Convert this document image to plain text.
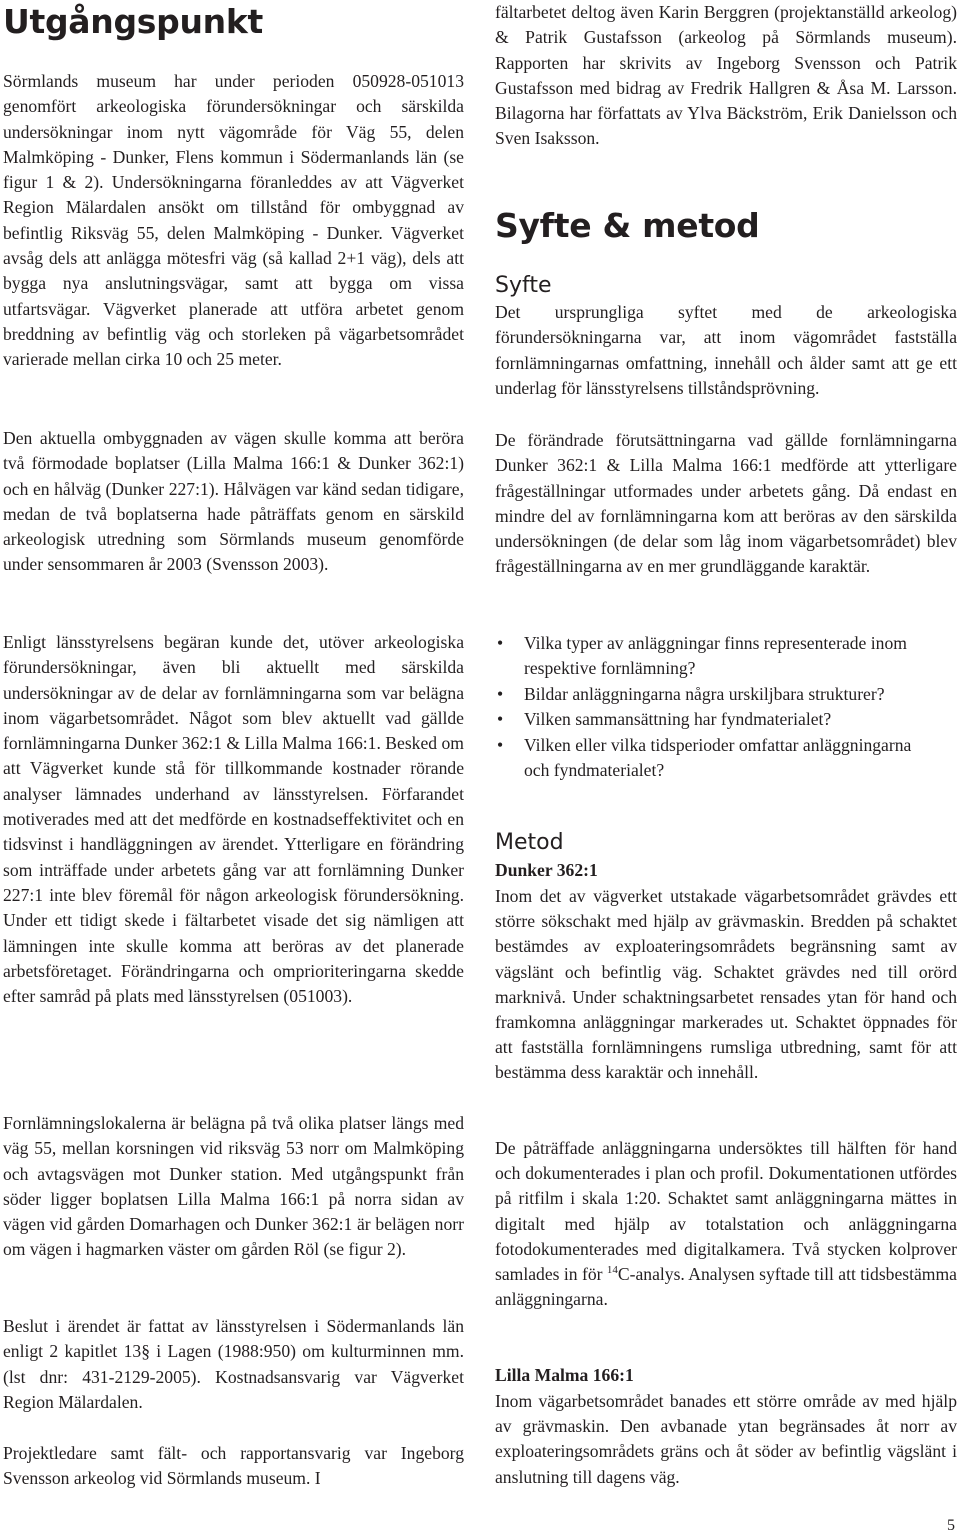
Utgångspunkt

Sörmlands museum har under perioden 050928-051013 genomfört arkeologiska förundersökningar och särskilda undersökningar inom nytt vägområde för Väg 55, delen Malmköping - Dunker, Flens kommun i Södermanlands län (se figur 1 & 2). Undersökningarna föranleddes av att Vägverket Region Mälardalen ansökt om tillstånd för ombyggnad av befintlig Riksväg 55, delen Malmköping - Dunker. Vägverket avsåg dels att anlägga mötesfri väg (så kallad 2+1 väg), dels att bygga nya anslutningsvägar, samt att bygga om vissa utfartsvägar. Vägverket planerade att utföra arbetet genom breddning av befintlig väg och storleken på vägarbetsområdet varierade mellan cirka 10 och 25 meter.

Den aktuella ombyggnaden av vägen skulle komma att beröra två förmodade boplatser (Lilla Malma 166:1 & Dunker 362:1) och en hålväg (Dunker 227:1). Hålvägen var känd sedan tidigare, medan de två boplatserna hade påträffats genom en särskild arkeologisk utredning som Sörmlands museum genomförde under sensommaren år 2003 (Svensson 2003).

Enligt länsstyrelsens begäran kunde det, utöver arkeologiska förundersökningar, även bli aktuellt med särskilda undersökningar av de delar av fornlämningarna som var belägna inom vägarbetsområdet. Något som blev aktuellt vad gällde fornlämningarna Dunker 362:1 & Lilla Malma 166:1. Besked om att Vägverket kunde stå för tillkommande kostnader rörande analyser lämnades underhand av länsstyrelsen. Förfarandet motiverades med att det medförde en kostnadseffektivitet och en tidsvinst i handläggningen av ärendet. Ytterligare en förändring som inträffade under arbetets gång var att fornlämning Dunker 227:1 inte blev föremål för någon arkeologisk förundersökning. Under ett tidigt skede i fältarbetet visade det sig nämligen att lämningen inte skulle komma att beröras av det planerade arbetsföretaget. Förändringarna och omprioriteringarna skedde efter samråd på plats med länsstyrelsen (051003).

Fornlämningslokalerna är belägna på två olika platser längs med väg 55, mellan korsningen vid riksväg 53 norr om Malmköping och avtagsvägen mot Dunker station. Med utgångspunkt från söder ligger boplatsen Lilla Malma 166:1 på norra sidan av vägen vid gården Domarhagen och Dunker 362:1 är belägen norr om vägen i hagmarken väster om gården Röl (se figur 2).

Beslut i ärendet är fattat av länsstyrelsen i Södermanlands län enligt 2 kapitlet 13§ i Lagen (1988:950) om kulturminnen mm. (lst dnr: 431-2129-2005). Kostnadsansvarig var Vägverket Region Mälardalen.

Projektledare samt fält- och rapportansvarig var Ingeborg Svensson arkeolog vid Sörmlands museum. I

fältarbetet deltog även Karin Berggren (projektanställd arkeolog) & Patrik Gustafsson (arkeolog på Sörmlands museum). Rapporten har skrivits av Ingeborg Svensson och Patrik Gustafsson med bidrag av Fredrik Hallgren & Åsa M. Larsson. Bilagorna har författats av Ylva Bäckström, Erik Danielsson och Sven Isaksson.

Syfte & metod
Syfte

Det ursprungliga syftet med de arkeologiska förundersökningarna var, att inom vägområdet fastställa fornlämningarnas omfattning, innehåll och ålder samt att ge ett underlag för länsstyrelsens tillståndsprövning.

De förändrade förutsättningarna vad gällde fornlämningarna Dunker 362:1 & Lilla Malma 166:1 medförde att ytterligare frågeställningar utformades under arbetets gång. Då endast en mindre del av fornlämningarna kom att beröras av den särskilda undersökningen (de delar som låg inom vägarbetsområdet) blev frågeställningarna av en mer grundläggande karaktär.

• Vilka typer av anläggningar finns representerade inom respektive fornlämning?
• Bildar anläggningarna några urskiljbara strukturer?
• Vilken sammansättning har fyndmaterialet?
• Vilken eller vilka tidsperioder omfattar anläggningarna och fyndmaterialet?
Metod
Dunker 362:1

Inom det av vägverket utstakade vägarbetsområdet grävdes ett större sökschakt med hjälp av grävmaskin. Bredden på schaktet bestämdes av exploateringsområdets begränsning samt av vägslänt och befintlig väg. Schaktet grävdes ned till orörd marknivå. Under schaktningsarbetet rensades ytan för hand och framkomna anläggningar markerades ut. Schaktet öppnades för att fastställa fornlämningens rumsliga utbredning, samt för att bestämma dess karaktär och innehåll.

De påträffade anläggningarna undersöktes till hälften för hand och dokumenterades i plan och profil. Dokumentationen utfördes på ritfilm i skala 1:20. Schaktet samt anläggningarna mättes in digitalt med hjälp av totalstation och anläggningarna fotodokumenterades med digitalkamera. Två stycken kolprover samlades in för $^{14}$C-analys. Analysen syftade till att tidsbestämma anläggningarna.

Lilla Malma 166:1

Inom vägarbetsområdet banades ett större område av med hjälp av grävmaskin. Den avbanade ytan begränsades åt norr av exploateringsområdets gräns och åt söder av befintlig vägslänt i anslutning till dagens väg.

5
